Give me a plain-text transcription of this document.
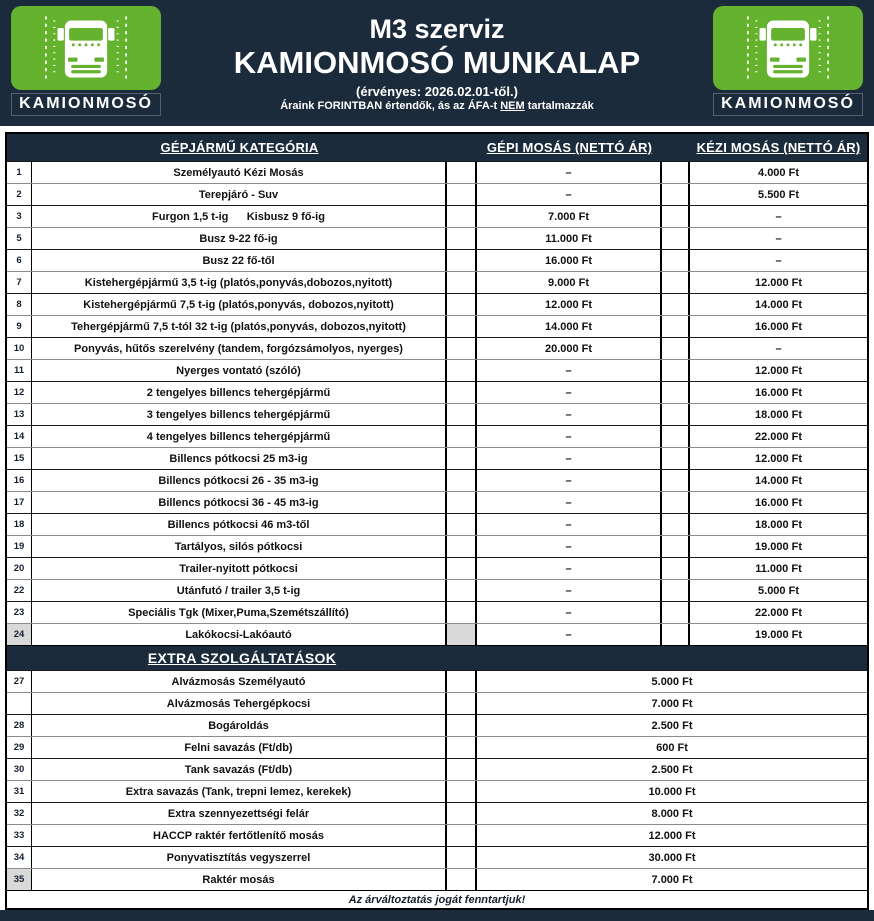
KAMIONMOSÓ
M3 szerviz
KAMIONMOSÓ MUNKALAP
(érvényes: 2026.02.01-től.)
Áraink FORINTBAN értendők, ás az ÁFA-t NEM tartalmazzák	KAMIONMOSÓ
GÉPJÁRMŰ KATEGÓRIA	GÉPI MOSÁS (NETTÓ ÁR)	KÉZI MOSÁS (NETTÓ ÁR)
1	Személyautó Kézi Mosás	–	4.000 Ft
2	Terepjáró - Suv	–	5.500 Ft
3	Furgon 1,5 t-ig      Kisbusz 9 fő-ig	7.000 Ft	–
5	Busz 9-22 fő-ig	11.000 Ft	–
6	Busz 22 fő-től	16.000 Ft	–
7	Kistehergépjármű 3,5 t-ig (platós,ponyvás,dobozos,nyitott)	9.000 Ft	12.000 Ft
8	Kistehergépjármű 7,5 t-ig (platós,ponyvás, dobozos,nyitott)	12.000 Ft	14.000 Ft
9	Tehergépjármű 7,5 t-tól 32 t-ig (platós,ponyvás, dobozos,nyitott)	14.000 Ft	16.000 Ft
10	Ponyvás, hűtős szerelvény (tandem, forgózsámolyos, nyerges)	20.000 Ft	–
11	Nyerges vontató (szóló)	–	12.000 Ft
12	2 tengelyes billencs tehergépjármű	–	16.000 Ft
13	3 tengelyes billencs tehergépjármű	–	18.000 Ft
14	4 tengelyes billencs tehergépjármű	–	22.000 Ft
15	Billencs pótkocsi 25 m3-ig	–	12.000 Ft
16	Billencs pótkocsi 26 - 35 m3-ig	–	14.000 Ft
17	Billencs pótkocsi 36 - 45 m3-ig	–	16.000 Ft
18	Billencs pótkocsi 46 m3-től	–	18.000 Ft
19	Tartályos, silós pótkocsi	–	19.000 Ft
20	Trailer-nyitott pótkocsi	–	11.000 Ft
22	Utánfutó / trailer 3,5 t-ig	–	5.000 Ft
23	Speciális Tgk (Mixer,Puma,Szemétszállító)	–	22.000 Ft
24	Lakókocsi-Lakóautó	–	19.000 Ft
EXTRA SZOLGÁLTATÁSOK
27	Alvázmosás Személyautó	5.000 Ft
Alvázmosás Tehergépkocsi	7.000 Ft
28	Bogároldás	2.500 Ft
29	Felni savazás (Ft/db)	600 Ft
30	Tank savazás (Ft/db)	2.500 Ft
31	Extra savazás (Tank, trepni lemez, kerekek)	10.000 Ft
32	Extra szennyezettségi felár	8.000 Ft
33	HACCP raktér fertőtlenítő mosás	12.000 Ft
34	Ponyvatisztítás vegyszerrel	30.000 Ft
35	Raktér mosás	7.000 Ft
Az árváltoztatás jogát fenntartjuk!
